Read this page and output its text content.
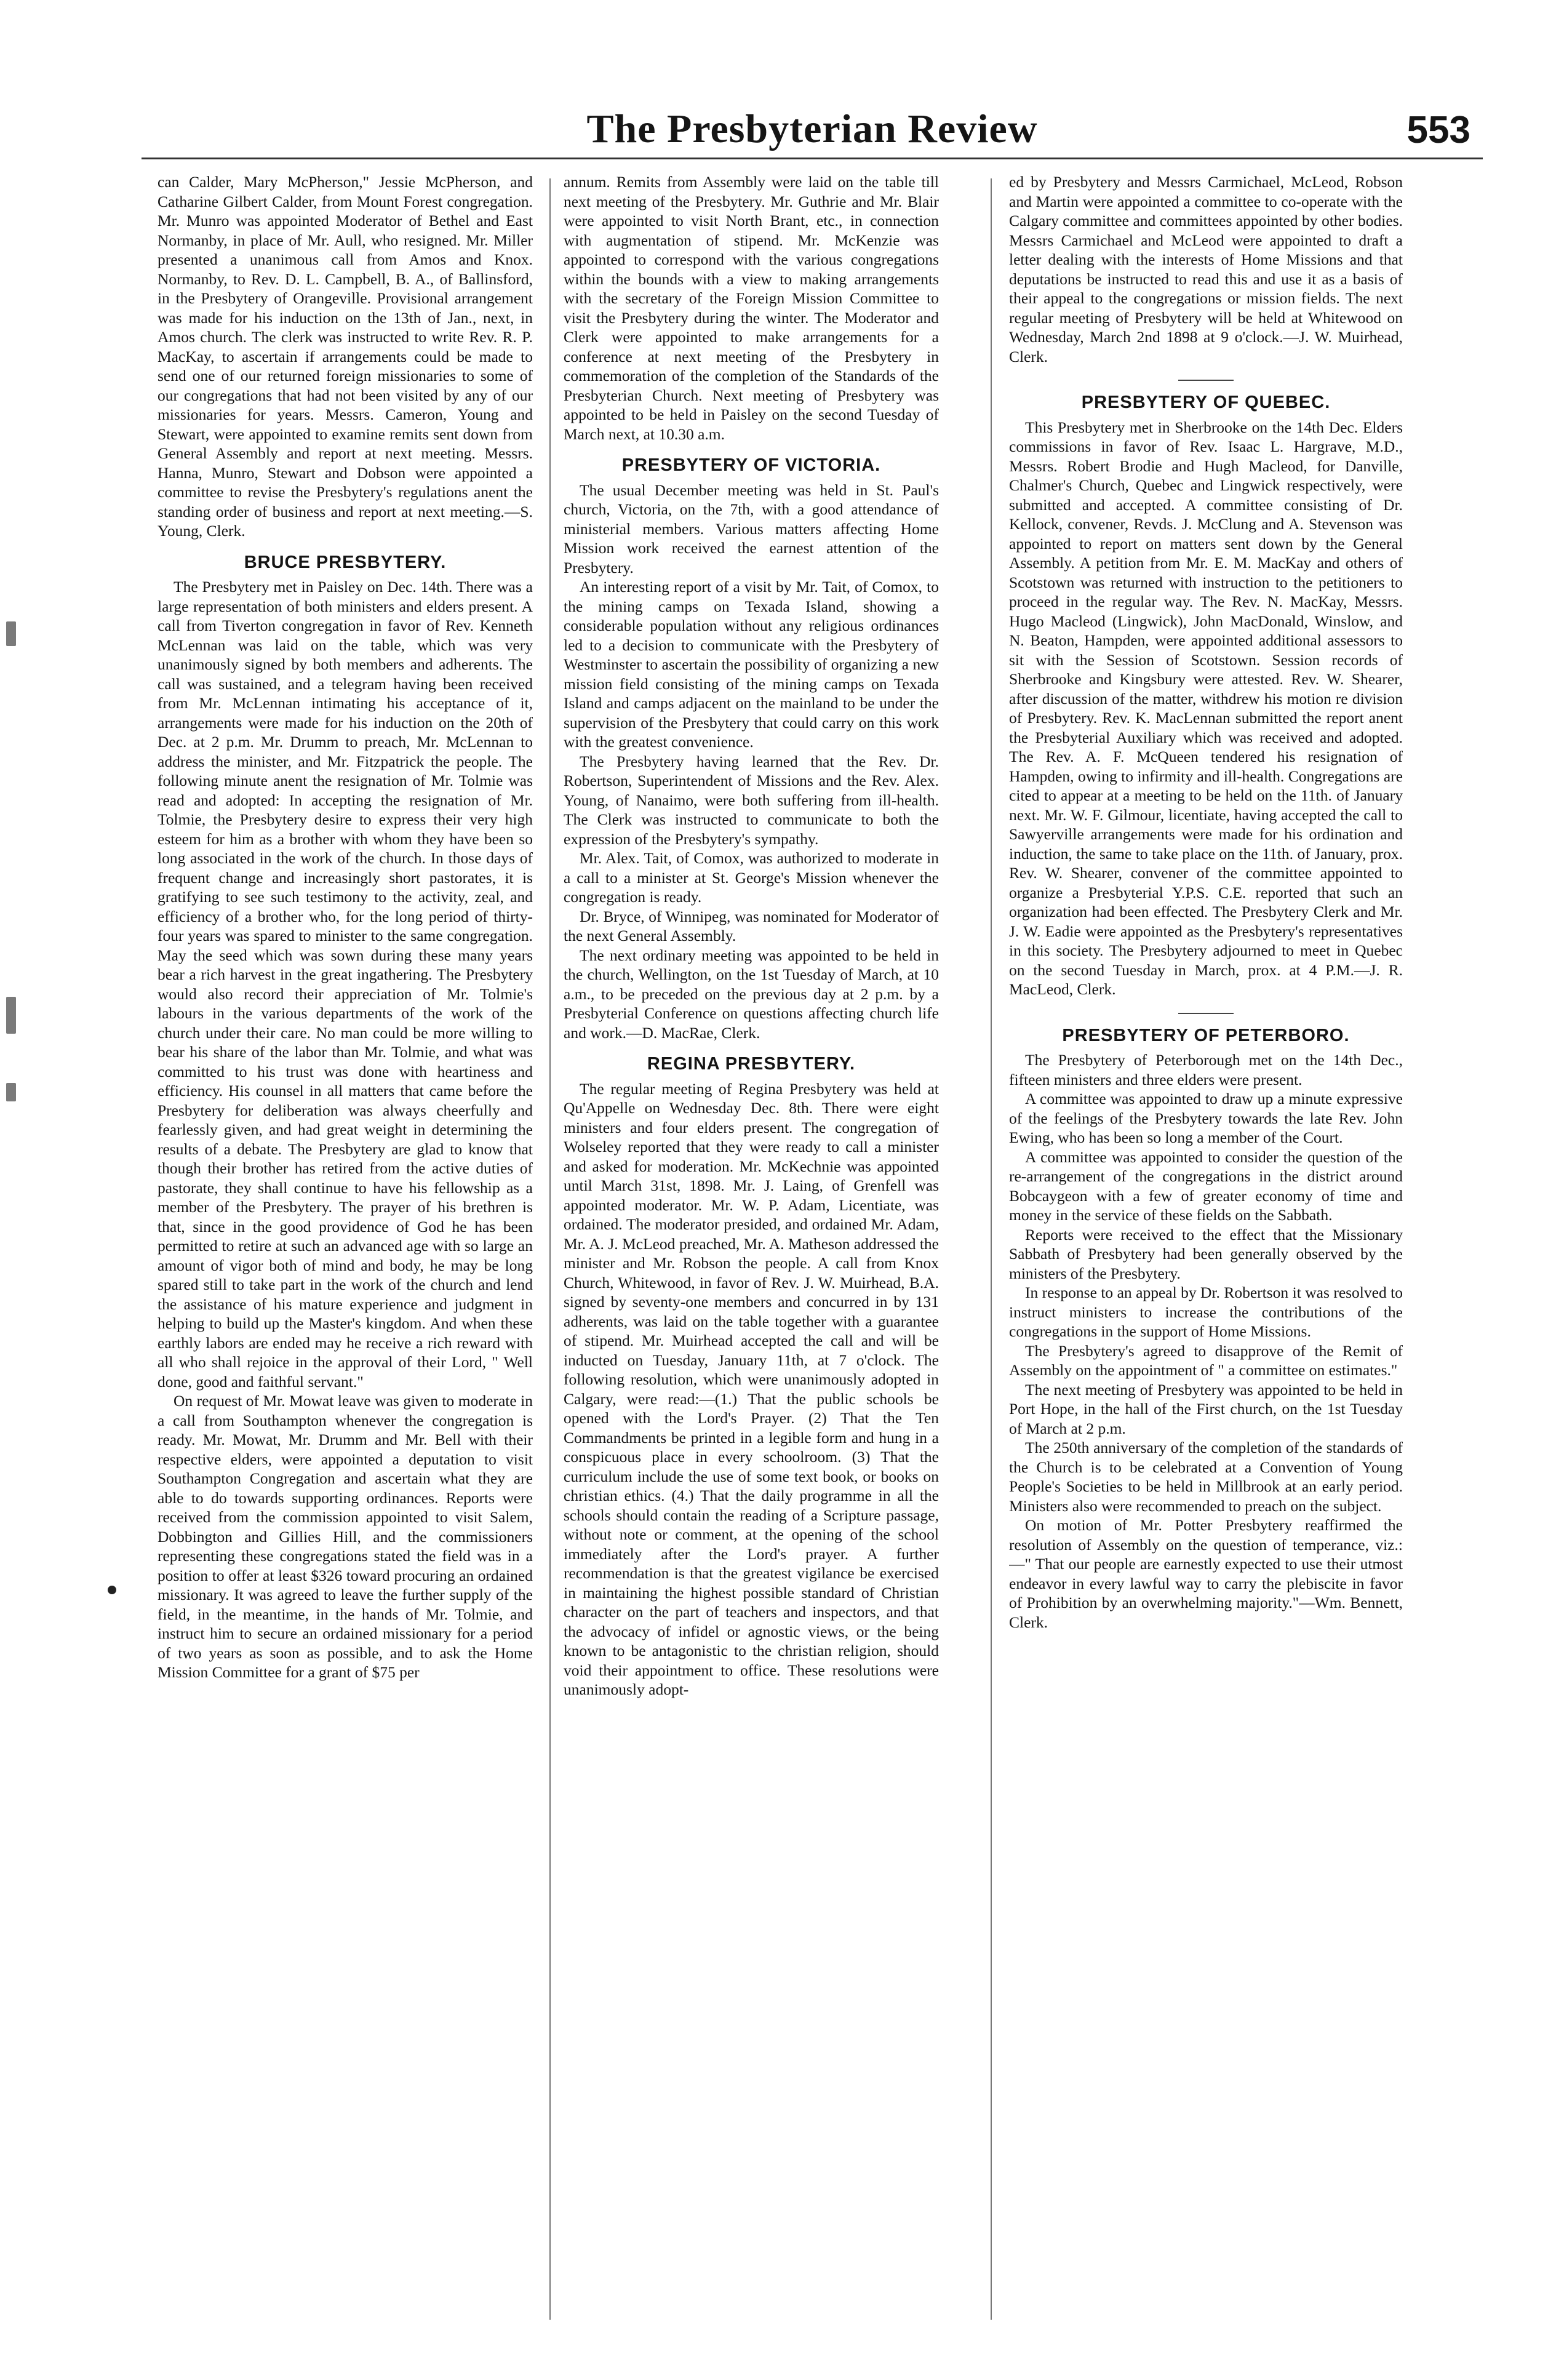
The Presbyterian Review	553

can Calder, Mary McPherson," Jessie McPherson, and Catharine Gilbert Calder, from Mount Forest congregation. Mr. Munro was appointed Moderator of Bethel and East Normanby, in place of Mr. Aull, who resigned. Mr. Miller presented a unanimous call from Amos and Knox. Normanby, to Rev. D. L. Campbell, B. A., of Ballinsford, in the Presbytery of Orangeville. Provisional arrangement was made for his induction on the 13th of Jan., next, in Amos church. The clerk was instructed to write Rev. R. P. MacKay, to ascertain if arrangements could be made to send one of our returned foreign missionaries to some of our congregations that had not been visited by any of our missionaries for years. Messrs. Cameron, Young and Stewart, were appointed to examine remits sent down from General Assembly and report at next meeting. Messrs. Hanna, Munro, Stewart and Dobson were appointed a committee to revise the Presbytery's regulations anent the standing order of business and report at next meeting.—S. Young, Clerk.

BRUCE PRESBYTERY.

The Presbytery met in Paisley on Dec. 14th. There was a large representation of both ministers and elders present. A call from Tiverton congregation in favor of Rev. Kenneth McLennan was laid on the table, which was very unanimously signed by both members and adherents. The call was sustained, and a telegram having been received from Mr. McLennan intimating his acceptance of it, arrangements were made for his induction on the 20th of Dec. at 2 p.m. Mr. Drumm to preach, Mr. McLennan to address the minister, and Mr. Fitzpatrick the people. The following minute anent the resignation of Mr. Tolmie was read and adopted: In accepting the resignation of Mr. Tolmie, the Presbytery desire to express their very high esteem for him as a brother with whom they have been so long associated in the work of the church. In those days of frequent change and increasingly short pastorates, it is gratifying to see such testimony to the activity, zeal, and efficiency of a brother who, for the long period of thirty-four years was spared to minister to the same congregation. May the seed which was sown during these many years bear a rich harvest in the great ingathering. The Presbytery would also record their appreciation of Mr. Tolmie's labours in the various departments of the work of the church under their care. No man could be more willing to bear his share of the labor than Mr. Tolmie, and what was committed to his trust was done with heartiness and efficiency. His counsel in all matters that came before the Presbytery for deliberation was always cheerfully and fearlessly given, and had great weight in determining the results of a debate. The Presbytery are glad to know that though their brother has retired from the active duties of pastorate, they shall continue to have his fellowship as a member of the Presbytery. The prayer of his brethren is that, since in the good providence of God he has been permitted to retire at such an advanced age with so large an amount of vigor both of mind and body, he may be long spared still to take part in the work of the church and lend the assistance of his mature experience and judgment in helping to build up the Master's kingdom. And when these earthly labors are ended may he receive a rich reward with all who shall rejoice in the approval of their Lord, " Well done, good and faithful servant."

On request of Mr. Mowat leave was given to moderate in a call from Southampton whenever the congregation is ready. Mr. Mowat, Mr. Drumm and Mr. Bell with their respective elders, were appointed a deputation to visit Southampton Congregation and ascertain what they are able to do towards supporting ordinances. Reports were received from the commission appointed to visit Salem, Dobbington and Gillies Hill, and the commissioners representing these congregations stated the field was in a position to offer at least $326 toward procuring an ordained missionary. It was agreed to leave the further supply of the field, in the meantime, in the hands of Mr. Tolmie, and instruct him to secure an ordained missionary for a period of two years as soon as possible, and to ask the Home Mission Committee for a grant of $75 per

annum. Remits from Assembly were laid on the table till next meeting of the Presbytery. Mr. Guthrie and Mr. Blair were appointed to visit North Brant, etc., in connection with augmentation of stipend. Mr. McKenzie was appointed to correspond with the various congregations within the bounds with a view to making arrangements with the secretary of the Foreign Mission Committee to visit the Presbytery during the winter. The Moderator and Clerk were appointed to make arrangements for a conference at next meeting of the Presbytery in commemoration of the completion of the Standards of the Presbyterian Church. Next meeting of Presbytery was appointed to be held in Paisley on the second Tuesday of March next, at 10.30 a.m.

PRESBYTERY OF VICTORIA.

The usual December meeting was held in St. Paul's church, Victoria, on the 7th, with a good attendance of ministerial members. Various matters affecting Home Mission work received the earnest attention of the Presbytery.

An interesting report of a visit by Mr. Tait, of Comox, to the mining camps on Texada Island, showing a considerable population without any religious ordinances led to a decision to communicate with the Presbytery of Westminster to ascertain the possibility of organizing a new mission field consisting of the mining camps on Texada Island and camps adjacent on the mainland to be under the supervision of the Presbytery that could carry on this work with the greatest convenience.

The Presbytery having learned that the Rev. Dr. Robertson, Superintendent of Missions and the Rev. Alex. Young, of Nanaimo, were both suffering from ill-health. The Clerk was instructed to communicate to both the expression of the Presbytery's sympathy.

Mr. Alex. Tait, of Comox, was authorized to moderate in a call to a minister at St. George's Mission whenever the congregation is ready.

Dr. Bryce, of Winnipeg, was nominated for Moderator of the next General Assembly.

The next ordinary meeting was appointed to be held in the church, Wellington, on the 1st Tuesday of March, at 10 a.m., to be preceded on the previous day at 2 p.m. by a Presbyterial Conference on questions affecting church life and work.—D. MacRae, Clerk.

REGINA PRESBYTERY.

The regular meeting of Regina Presbytery was held at Qu'Appelle on Wednesday Dec. 8th. There were eight ministers and four elders present. The congregation of Wolseley reported that they were ready to call a minister and asked for moderation. Mr. McKechnie was appointed until March 31st, 1898. Mr. J. Laing, of Grenfell was appointed moderator. Mr. W. P. Adam, Licentiate, was ordained. The moderator presided, and ordained Mr. Adam, Mr. A. J. McLeod preached, Mr. A. Matheson addressed the minister and Mr. Robson the people. A call from Knox Church, Whitewood, in favor of Rev. J. W. Muirhead, B.A. signed by seventy-one members and concurred in by 131 adherents, was laid on the table together with a guarantee of stipend. Mr. Muirhead accepted the call and will be inducted on Tuesday, January 11th, at 7 o'clock. The following resolution, which were unanimously adopted in Calgary, were read:—(1.) That the public schools be opened with the Lord's Prayer. (2) That the Ten Commandments be printed in a legible form and hung in a conspicuous place in every schoolroom. (3) That the curriculum include the use of some text book, or books on christian ethics. (4.) That the daily programme in all the schools should contain the reading of a Scripture passage, without note or comment, at the opening of the school immediately after the Lord's prayer. A further recommendation is that the greatest vigilance be exercised in maintaining the highest possible standard of Christian character on the part of teachers and inspectors, and that the advocacy of infidel or agnostic views, or the being known to be antagonistic to the christian religion, should void their appointment to office. These resolutions were unanimously adopt-

ed by Presbytery and Messrs Carmichael, McLeod, Robson and Martin were appointed a committee to co-operate with the Calgary committee and committees appointed by other bodies. Messrs Carmichael and McLeod were appointed to draft a letter dealing with the interests of Home Missions and that deputations be instructed to read this and use it as a basis of their appeal to the congregations or mission fields. The next regular meeting of Presbytery will be held at Whitewood on Wednesday, March 2nd 1898 at 9 o'clock.—J. W. Muirhead, Clerk.

PRESBYTERY OF QUEBEC.

This Presbytery met in Sherbrooke on the 14th Dec. Elders commissions in favor of Rev. Isaac L. Hargrave, M.D., Messrs. Robert Brodie and Hugh Macleod, for Danville, Chalmer's Church, Quebec and Lingwick respectively, were submitted and accepted. A committee consisting of Dr. Kellock, convener, Revds. J. McClung and A. Stevenson was appointed to report on matters sent down by the General Assembly. A petition from Mr. E. M. MacKay and others of Scotstown was returned with instruction to the petitioners to proceed in the regular way. The Rev. N. MacKay, Messrs. Hugo Macleod (Lingwick), John MacDonald, Winslow, and N. Beaton, Hampden, were appointed additional assessors to sit with the Session of Scotstown. Session records of Sherbrooke and Kingsbury were attested. Rev. W. Shearer, after discussion of the matter, withdrew his motion re division of Presbytery. Rev. K. MacLennan submitted the report anent the Presbyterial Auxiliary which was received and adopted. The Rev. A. F. McQueen tendered his resignation of Hampden, owing to infirmity and ill-health. Congregations are cited to appear at a meeting to be held on the 11th. of January next. Mr. W. F. Gilmour, licentiate, having accepted the call to Sawyerville arrangements were made for his ordination and induction, the same to take place on the 11th. of January, prox. Rev. W. Shearer, convener of the committee appointed to organize a Presbyterial Y.P.S. C.E. reported that such an organization had been effected. The Presbytery Clerk and Mr. J. W. Eadie were appointed as the Presbytery's representatives in this society. The Presbytery adjourned to meet in Quebec on the second Tuesday in March, prox. at 4 P.M.—J. R. MacLeod, Clerk.

PRESBYTERY OF PETERBORO.

The Presbytery of Peterborough met on the 14th Dec., fifteen ministers and three elders were present.

A committee was appointed to draw up a minute expressive of the feelings of the Presbytery towards the late Rev. John Ewing, who has been so long a member of the Court.

A committee was appointed to consider the question of the re-arrangement of the congregations in the district around Bobcaygeon with a few of greater economy of time and money in the service of these fields on the Sabbath.

Reports were received to the effect that the Missionary Sabbath of Presbytery had been generally observed by the ministers of the Presbytery.

In response to an appeal by Dr. Robertson it was resolved to instruct ministers to increase the contributions of the congregations in the support of Home Missions.

The Presbytery's agreed to disapprove of the Remit of Assembly on the appointment of " a committee on estimates."

The next meeting of Presbytery was appointed to be held in Port Hope, in the hall of the First church, on the 1st Tuesday of March at 2 p.m.

The 250th anniversary of the completion of the standards of the Church is to be celebrated at a Convention of Young People's Societies to be held in Millbrook at an early period. Ministers also were recommended to preach on the subject.

On motion of Mr. Potter Presbytery reaffirmed the resolution of Assembly on the question of temperance, viz.:—" That our people are earnestly expected to use their utmost endeavor in every lawful way to carry the plebiscite in favor of Prohibition by an overwhelming majority."—Wm. Bennett, Clerk.
